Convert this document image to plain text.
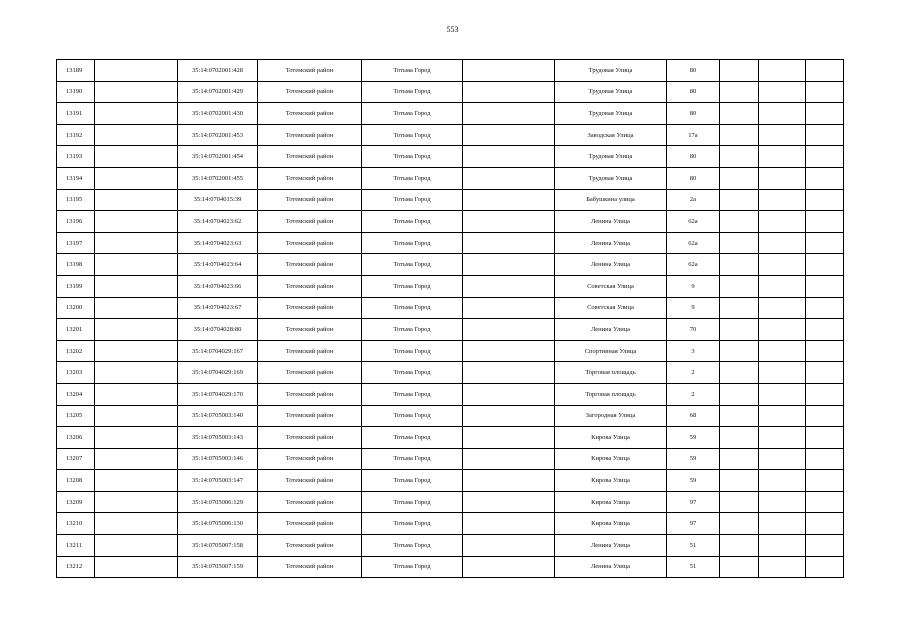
553
13189		35:14:0702001:428	Тотемский район	Тотьма Город		Трудовая Улица	80			
13190		35:14:0702001:429	Тотемский район	Тотьма Город		Трудовая Улица	80			
13191		35:14:0702001:430	Тотемский район	Тотьма Город		Трудовая Улица	80			
13192		35:14:0702001:453	Тотемский район	Тотьма Город		Заводская Улица	17а			
13193		35:14:0702001:454	Тотемский район	Тотьма Город		Трудовая Улица	80			
13194		35:14:0702001:455	Тотемский район	Тотьма Город		Трудовая Улица	80			
13195		35:14:0704015:39	Тотемский район	Тотьма Город		Бабушкина улица	2а			
13196		35:14:0704023:62	Тотемский район	Тотьма Город		Ленина Улица	62а			
13197		35:14:0704023:63	Тотемский район	Тотьма Город		Ленина Улица	62а			
13198		35:14:0704023:64	Тотемский район	Тотьма Город		Ленина Улица	62а			
13199		35:14:0704023:66	Тотемский район	Тотьма Город		Советская Улица	9			
13200		35:14:0704023:67	Тотемский район	Тотьма Город		Советская Улица	9			
13201		35:14:0704028:80	Тотемский район	Тотьма Город		Ленина Улица	70			
13202		35:14:0704029:167	Тотемский район	Тотьма Город		Спортивная Улица	3			
13203		35:14:0704029:169	Тотемский район	Тотьма Город		Торговая площадь	2			
13204		35:14:0704029:170	Тотемский район	Тотьма Город		Торговая площадь	2			
13205		35:14:0705003:140	Тотемский район	Тотьма Город		Загородная Улица	68			
13206		35:14:0705003:143	Тотемский район	Тотьма Город		Кирова Улица	59			
13207		35:14:0705003:146	Тотемский район	Тотьма Город		Кирова Улица	59			
13208		35:14:0705003:147	Тотемский район	Тотьма Город		Кирова Улица	59			
13209		35:14:0705006:129	Тотемский район	Тотьма Город		Кирова Улица	97			
13210		35:14:0705006:130	Тотемский район	Тотьма Город		Кирова Улица	97			
13211		35:14:0705007:158	Тотемский район	Тотьма Город		Ленина Улица	51			
13212		35:14:0705007:159	Тотемский район	Тотьма Город		Ленина Улица	51			
